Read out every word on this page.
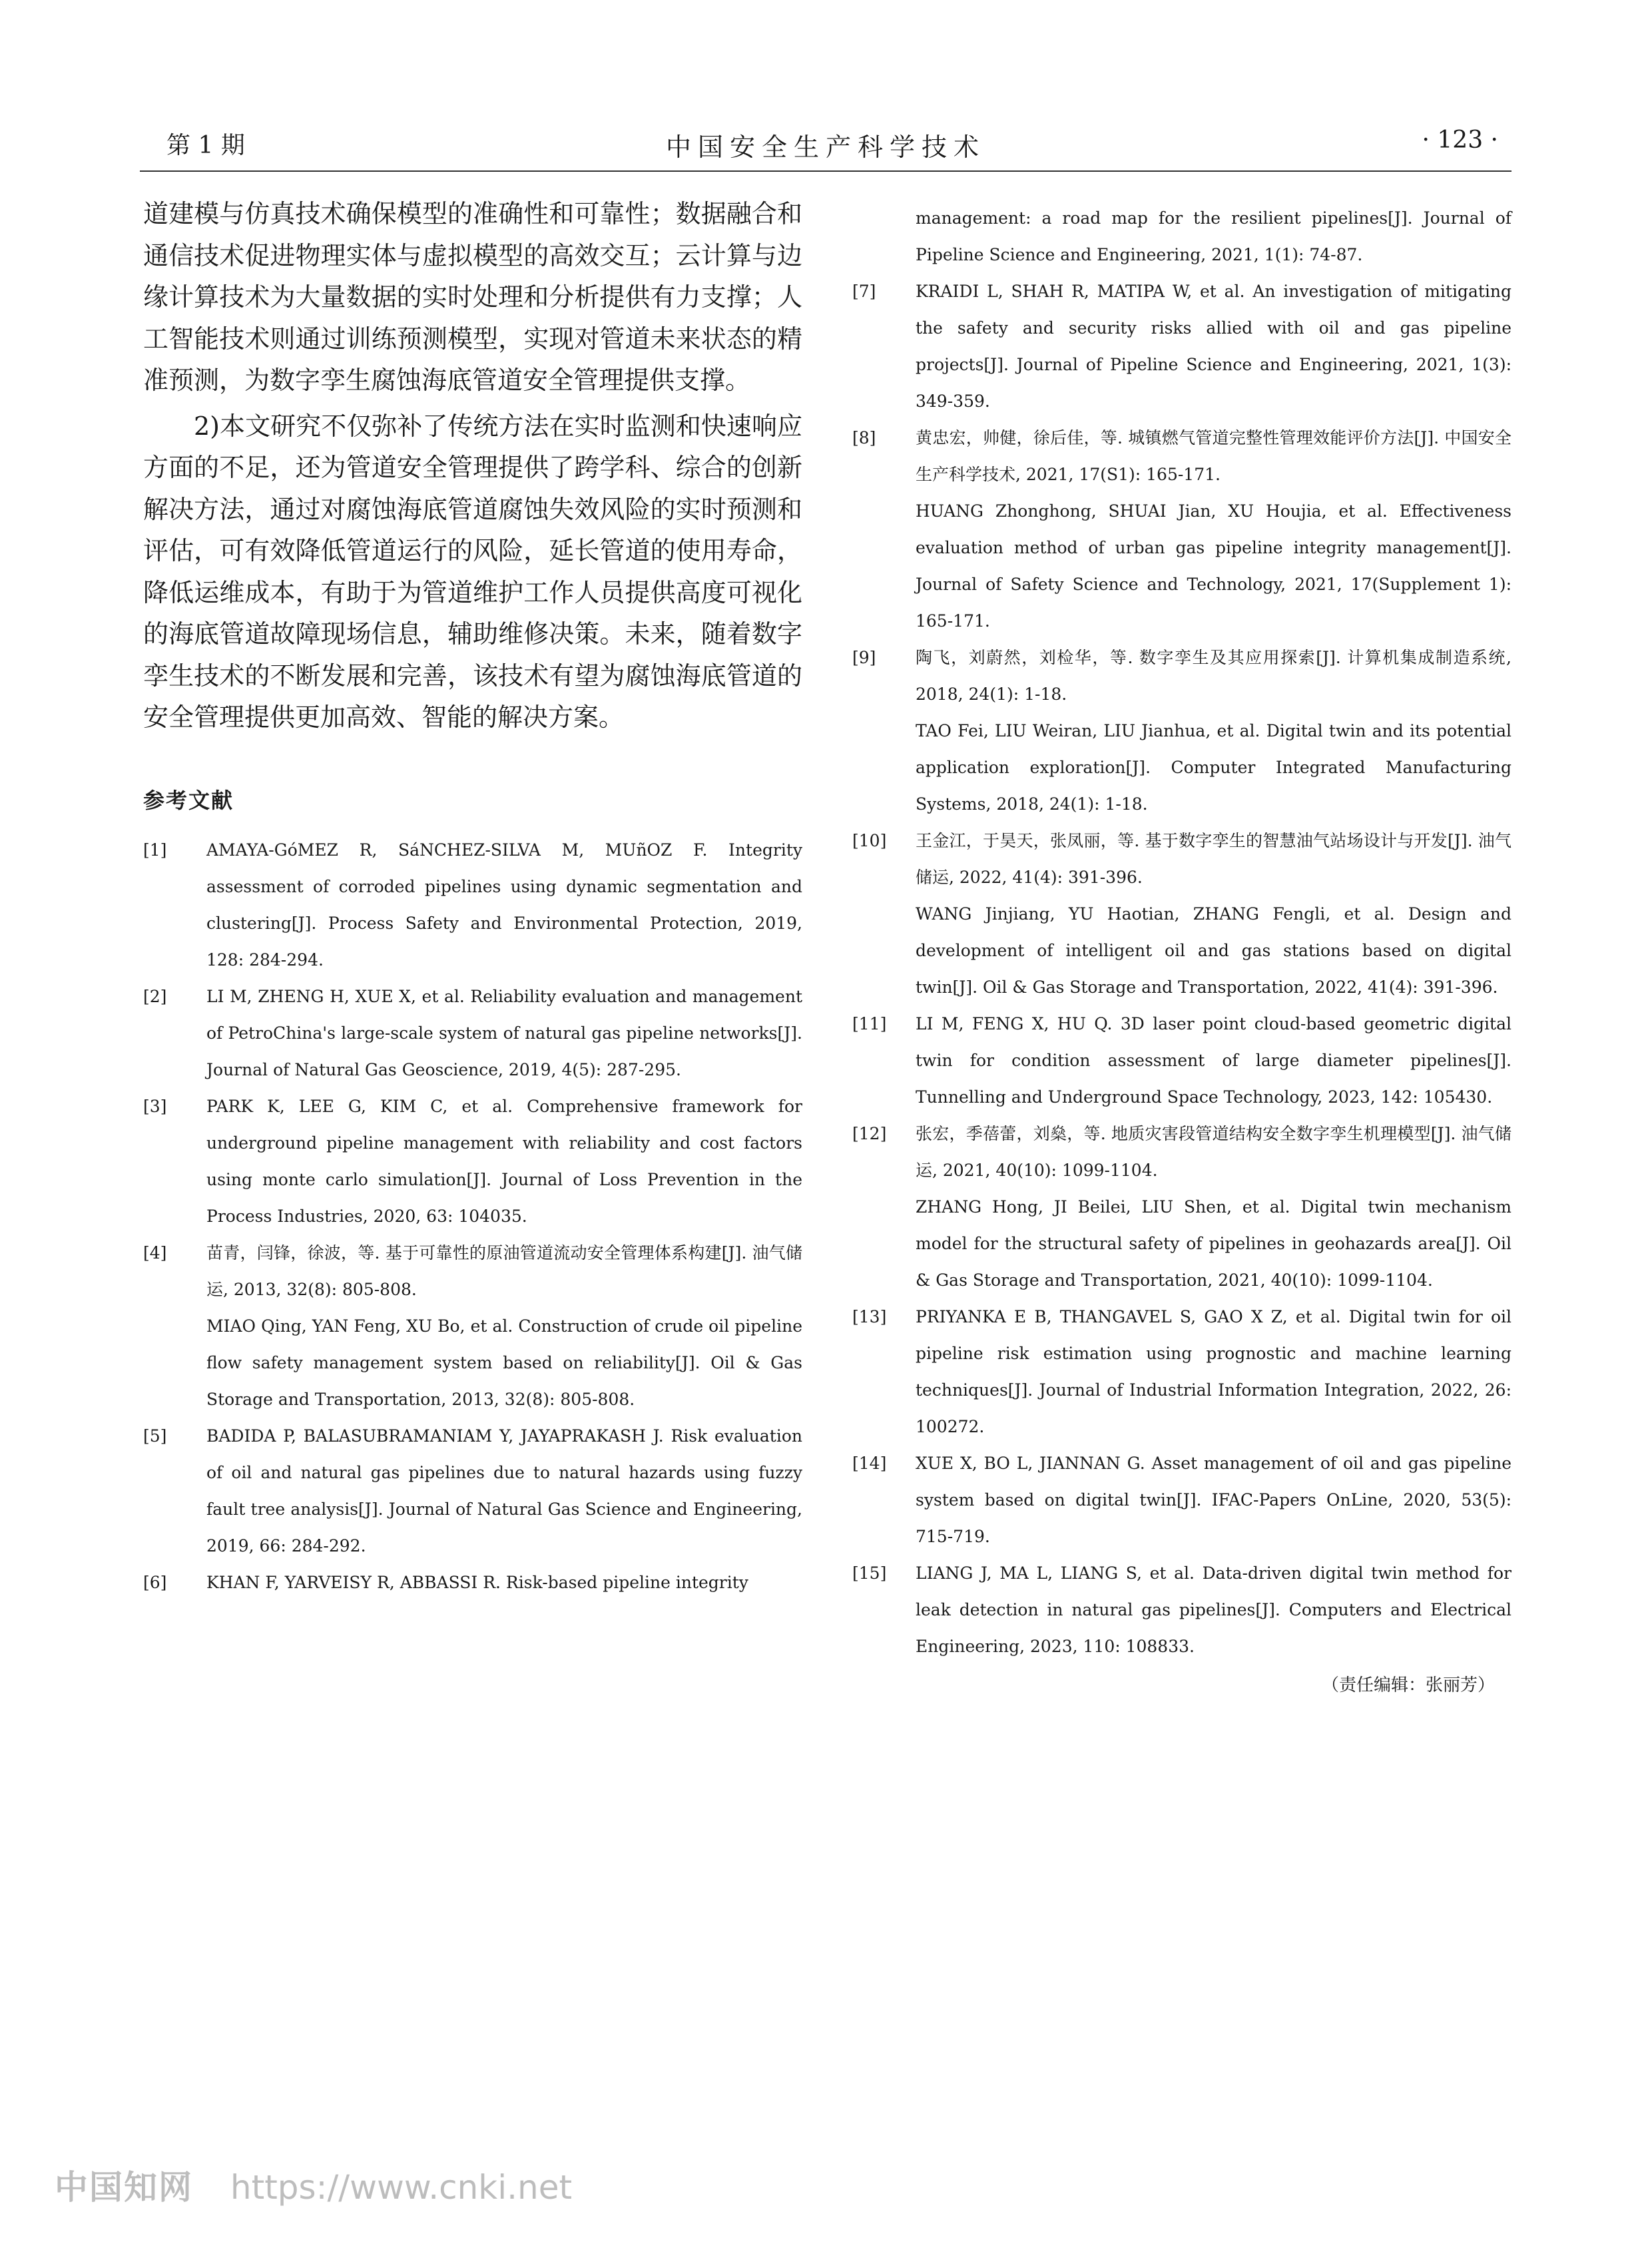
第 1 期	中国安全生产科学技术	· 123 ·

道建模与仿真技术确保模型的准确性和可靠性；数据融合和通信技术促进物理实体与虚拟模型的高效交互；云计算与边缘计算技术为大量数据的实时处理和分析提供有力支撑；人工智能技术则通过训练预测模型，实现对管道未来状态的精准预测，为数字孪生腐蚀海底管道安全管理提供支撑。

2)本文研究不仅弥补了传统方法在实时监测和快速响应方面的不足，还为管道安全管理提供了跨学科、综合的创新解决方法，通过对腐蚀海底管道腐蚀失效风险的实时预测和评估，可有效降低管道运行的风险，延长管道的使用寿命，降低运维成本，有助于为管道维护工作人员提供高度可视化的海底管道故障现场信息，辅助维修决策。未来，随着数字孪生技术的不断发展和完善，该技术有望为腐蚀海底管道的安全管理提供更加高效、智能的解决方案。

参考文献
[1]	AMAYA-GóMEZ R, SáNCHEZ-SILVA M, MUñOZ F. Integrity assessment of corroded pipelines using dynamic segmentation and clustering[J]. Process Safety and Environmental Protection, 2019, 128: 284-294.
[2]	LI M, ZHENG H, XUE X, et al. Reliability evaluation and management of PetroChina's large-scale system of natural gas pipeline networks[J]. Journal of Natural Gas Geoscience, 2019, 4(5): 287-295.
[3]	PARK K, LEE G, KIM C, et al. Comprehensive framework for underground pipeline management with reliability and cost factors using monte carlo simulation[J]. Journal of Loss Prevention in the Process Industries, 2020, 63: 104035.
[4]	苗青，闫锋，徐波，等. 基于可靠性的原油管道流动安全管理体系构建[J]. 油气储运, 2013, 32(8): 805-808.
MIAO Qing, YAN Feng, XU Bo, et al. Construction of crude oil pipeline flow safety management system based on reliability[J]. Oil & Gas Storage and Transportation, 2013, 32(8): 805-808.
[5]	BADIDA P, BALASUBRAMANIAM Y, JAYAPRAKASH J. Risk evaluation of oil and natural gas pipelines due to natural hazards using fuzzy fault tree analysis[J]. Journal of Natural Gas Science and Engineering, 2019, 66: 284-292.
[6]	KHAN F, YARVEISY R, ABBASSI R. Risk-based pipeline integrity
management: a road map for the resilient pipelines[J]. Journal of Pipeline Science and Engineering, 2021, 1(1): 74-87.
[7]	KRAIDI L, SHAH R, MATIPA W, et al. An investigation of mitigating the safety and security risks allied with oil and gas pipeline projects[J]. Journal of Pipeline Science and Engineering, 2021, 1(3): 349-359.
[8]	黄忠宏，帅健，徐后佳，等. 城镇燃气管道完整性管理效能评价方法[J]. 中国安全生产科学技术, 2021, 17(S1): 165-171.
HUANG Zhonghong, SHUAI Jian, XU Houjia, et al. Effectiveness evaluation method of urban gas pipeline integrity management[J]. Journal of Safety Science and Technology, 2021, 17(Supplement 1): 165-171.
[9]	陶飞，刘蔚然，刘检华，等. 数字孪生及其应用探索[J]. 计算机集成制造系统, 2018, 24(1): 1-18.
TAO Fei, LIU Weiran, LIU Jianhua, et al. Digital twin and its potential application exploration[J]. Computer Integrated Manufacturing Systems, 2018, 24(1): 1-18.
[10]	王金江，于昊天，张凤丽，等. 基于数字孪生的智慧油气站场设计与开发[J]. 油气储运, 2022, 41(4): 391-396.
WANG Jinjiang, YU Haotian, ZHANG Fengli, et al. Design and development of intelligent oil and gas stations based on digital twin[J]. Oil & Gas Storage and Transportation, 2022, 41(4): 391-396.
[11]	LI M, FENG X, HU Q. 3D laser point cloud-based geometric digital twin for condition assessment of large diameter pipelines[J]. Tunnelling and Underground Space Technology, 2023, 142: 105430.
[12]	张宏，季蓓蕾，刘燊，等. 地质灾害段管道结构安全数字孪生机理模型[J]. 油气储运, 2021, 40(10): 1099-1104.
ZHANG Hong, JI Beilei, LIU Shen, et al. Digital twin mechanism model for the structural safety of pipelines in geohazards area[J]. Oil & Gas Storage and Transportation, 2021, 40(10): 1099-1104.
[13]	PRIYANKA E B, THANGAVEL S, GAO X Z, et al. Digital twin for oil pipeline risk estimation using prognostic and machine learning techniques[J]. Journal of Industrial Information Integration, 2022, 26: 100272.
[14]	XUE X, BO L, JIANNAN G. Asset management of oil and gas pipeline system based on digital twin[J]. IFAC-Papers OnLine, 2020, 53(5): 715-719.
[15]	LIANG J, MA L, LIANG S, et al. Data-driven digital twin method for leak detection in natural gas pipelines[J]. Computers and Electrical Engineering, 2023, 110: 108833.
（责任编辑：张丽芳）
中国知网 https://www.cnki.net
